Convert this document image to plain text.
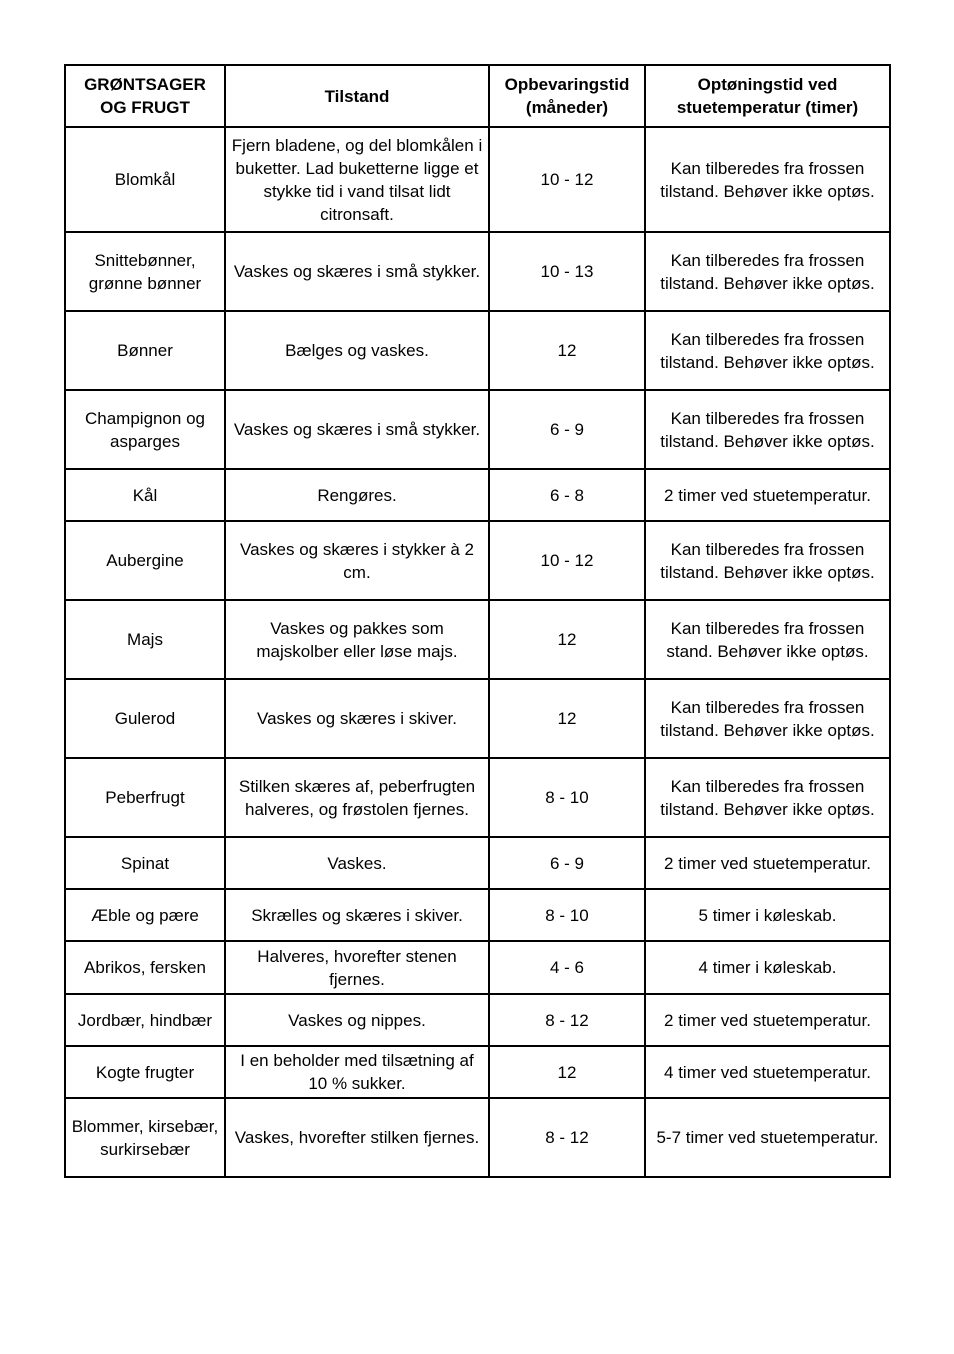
GRØNTSAGER OG FRUGT	Tilstand	Opbevaringstid (måneder)	Optøningstid ved stuetemperatur (timer)
Blomkål	Fjern bladene, og del blomkålen i buketter. Lad buketterne ligge et stykke tid i vand tilsat lidt citronsaft.	10 - 12	Kan tilberedes fra frossen tilstand. Behøver ikke optøs.
Snittebønner, grønne bønner	Vaskes og skæres i små stykker.	10 - 13	Kan tilberedes fra frossen tilstand. Behøver ikke optøs.
Bønner	Bælges og vaskes.	12	Kan tilberedes fra frossen tilstand. Behøver ikke optøs.
Champignon og asparges	Vaskes og skæres i små stykker.	6 - 9	Kan tilberedes fra frossen tilstand. Behøver ikke optøs.
Kål	Rengøres.	6 - 8	2 timer ved stuetemperatur.
Aubergine	Vaskes og skæres i stykker à 2 cm.	10 - 12	Kan tilberedes fra frossen tilstand. Behøver ikke optøs.
Majs	Vaskes og pakkes som majskolber eller løse majs.	12	Kan tilberedes fra frossen stand. Behøver ikke optøs.
Gulerod	Vaskes og skæres i skiver.	12	Kan tilberedes fra frossen tilstand. Behøver ikke optøs.
Peberfrugt	Stilken skæres af, peberfrugten halveres, og frøstolen fjernes.	8 - 10	Kan tilberedes fra frossen tilstand. Behøver ikke optøs.
Spinat	Vaskes.	6 - 9	2 timer ved stuetemperatur.
Æble og pære	Skrælles og skæres i skiver.	8 - 10	5 timer i køleskab.
Abrikos, fersken	Halveres, hvorefter stenen fjernes.	4 - 6	4 timer i køleskab.
Jordbær, hindbær	Vaskes og nippes.	8 - 12	2 timer ved stuetemperatur.
Kogte frugter	I en beholder med tilsætning af 10 % sukker.	12	4 timer ved stuetemperatur.
Blommer, kirsebær, surkirsebær	Vaskes, hvorefter stilken fjernes.	8 - 12	5-7 timer ved stuetemperatur.
